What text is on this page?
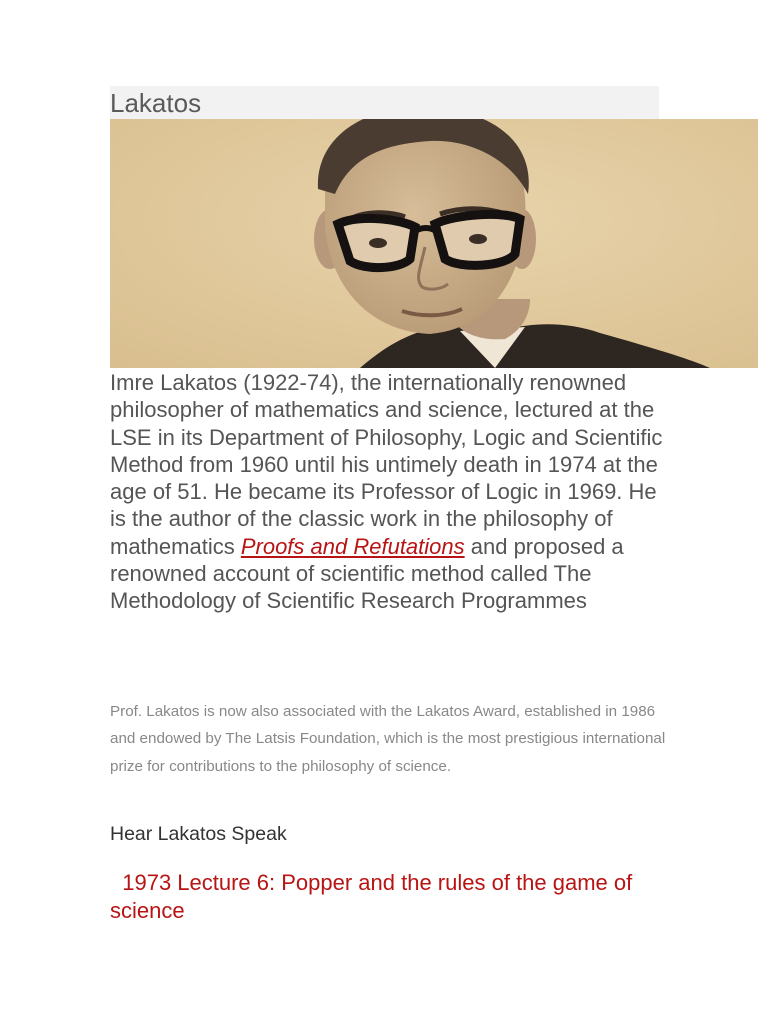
Lakatos

Imre Lakatos (1922-74), the internationally renowned philosopher of mathematics and science, lectured at the LSE in its Department of Philosophy, Logic and Scientific Method from 1960 until his untimely death in 1974 at the age of 51. He became its Professor of Logic in 1969. He is the author of the classic work in the philosophy of mathematics Proofs and Refutations and proposed a renowned account of scientific method called The Methodology of Scientific Research Programmes

Prof. Lakatos is now also associated with the Lakatos Award, established in 1986 and endowed by The Latsis Foundation, which is the most prestigious international prize for contributions to the philosophy of science.

Hear Lakatos Speak
1973 Lecture 6: Popper and the rules of the game of science
